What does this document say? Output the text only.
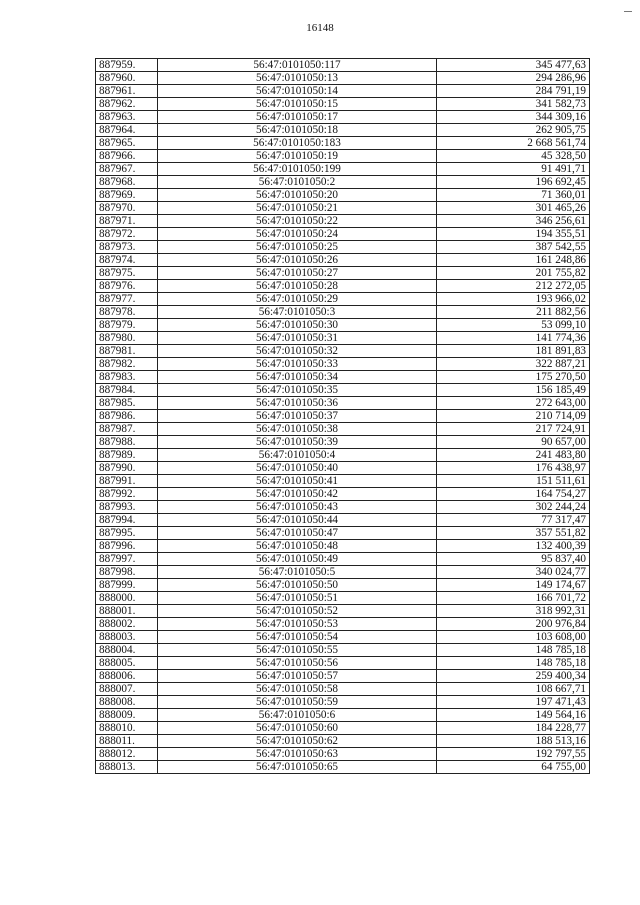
16148
887959.	56:47:0101050:117	345 477,63
887960.	56:47:0101050:13	294 286,96
887961.	56:47:0101050:14	284 791,19
887962.	56:47:0101050:15	341 582,73
887963.	56:47:0101050:17	344 309,16
887964.	56:47:0101050:18	262 905,75
887965.	56:47:0101050:183	2 668 561,74
887966.	56:47:0101050:19	45 328,50
887967.	56:47:0101050:199	91 491,71
887968.	56:47:0101050:2	196 692,45
887969.	56:47:0101050:20	71 360,01
887970.	56:47:0101050:21	301 465,26
887971.	56:47:0101050:22	346 256,61
887972.	56:47:0101050:24	194 355,51
887973.	56:47:0101050:25	387 542,55
887974.	56:47:0101050:26	161 248,86
887975.	56:47:0101050:27	201 755,82
887976.	56:47:0101050:28	212 272,05
887977.	56:47:0101050:29	193 966,02
887978.	56:47:0101050:3	211 882,56
887979.	56:47:0101050:30	53 099,10
887980.	56:47:0101050:31	141 774,36
887981.	56:47:0101050:32	181 891,83
887982.	56:47:0101050:33	322 887,21
887983.	56:47:0101050:34	175 270,50
887984.	56:47:0101050:35	156 185,49
887985.	56:47:0101050:36	272 643,00
887986.	56:47:0101050:37	210 714,09
887987.	56:47:0101050:38	217 724,91
887988.	56:47:0101050:39	90 657,00
887989.	56:47:0101050:4	241 483,80
887990.	56:47:0101050:40	176 438,97
887991.	56:47:0101050:41	151 511,61
887992.	56:47:0101050:42	164 754,27
887993.	56:47:0101050:43	302 244,24
887994.	56:47:0101050:44	77 317,47
887995.	56:47:0101050:47	357 551,82
887996.	56:47:0101050:48	132 400,39
887997.	56:47:0101050:49	95 837,40
887998.	56:47:0101050:5	340 024,77
887999.	56:47:0101050:50	149 174,67
888000.	56:47:0101050:51	166 701,72
888001.	56:47:0101050:52	318 992,31
888002.	56:47:0101050:53	200 976,84
888003.	56:47:0101050:54	103 608,00
888004.	56:47:0101050:55	148 785,18
888005.	56:47:0101050:56	148 785,18
888006.	56:47:0101050:57	259 400,34
888007.	56:47:0101050:58	108 667,71
888008.	56:47:0101050:59	197 471,43
888009.	56:47:0101050:6	149 564,16
888010.	56:47:0101050:60	184 228,77
888011.	56:47:0101050:62	188 513,16
888012.	56:47:0101050:63	192 797,55
888013.	56:47:0101050:65	64 755,00
